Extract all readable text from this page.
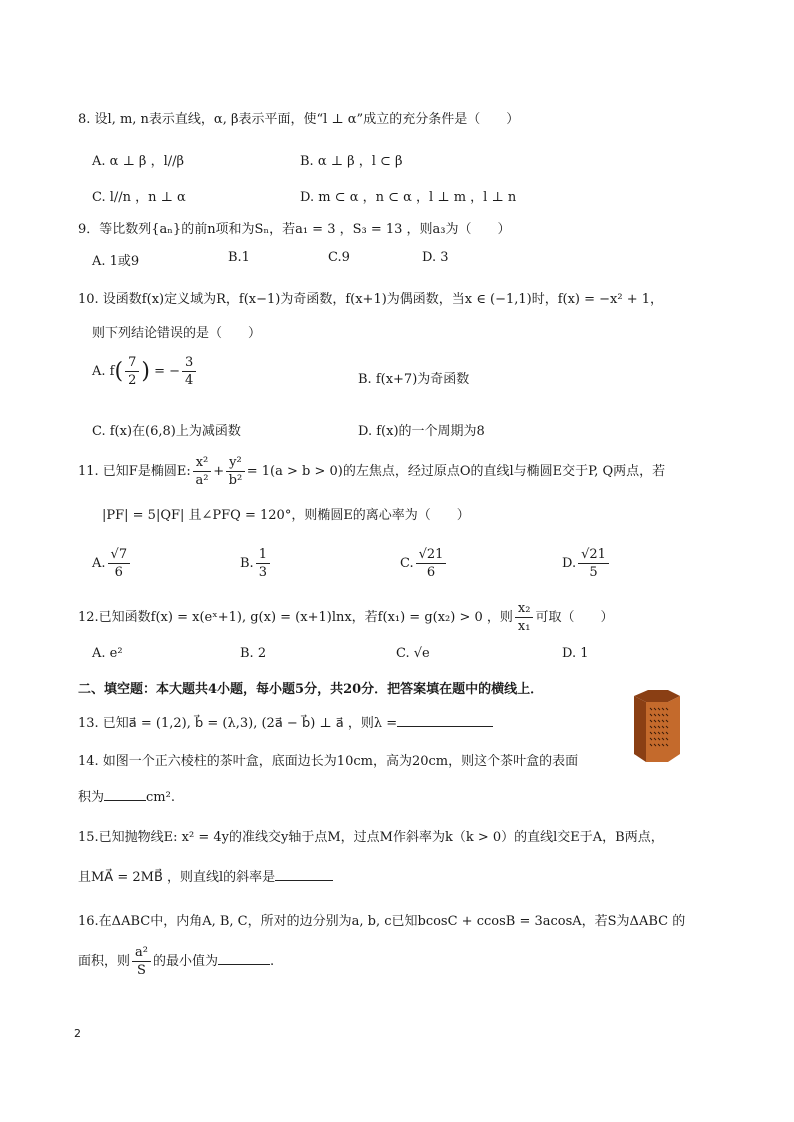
8. 设l, m, n表示直线，α, β表示平面，使“l ⊥ α”成立的充分条件是（　　）
A. α ⊥ β ，l//β	B. α ⊥ β ，l ⊂ β
C. l//n ，n ⊥ α	D. m ⊂ α ，n ⊂ α ，l ⊥ m ，l ⊥ n
9．等比数列{aₙ}的前n项和为Sₙ，若a₁ = 3 ，S₃ = 13 ，则a₃为（　　）
A. 1或9	B.1	C.9	D. 3
10. 设函数f(x)定义域为R，f(x−1)为奇函数，f(x+1)为偶函数，当x ∈ (−1,1)时，f(x) = −x² + 1，
则下列结论错误的是（　　）
A. $f( \frac{7}{2}$ ) = − $\frac{3}{4}$	B. f(x+7)为奇函数
C. f(x)在(6,8)上为减函数	D. f(x)的一个周期为8
11. 已知F是椭圆E: $\frac{\text{x²}}{\text{a²}} + \frac{\text{y²}}{\text{b²}} = 1(a > b > 0)$的左焦点，经过原点O的直线l与椭圆E交于P, Q两点，若
|PF| = 5|QF| 且∠PFQ = 120°，则椭圆E的离心率为（　　）
A. $\frac{√7}{6}$	B. $\frac{1}{3}$	C. $\frac{√21}{6}$	D. $\frac{√21}{5}$
12.已知函数f(x) = x(eˣ+1), g(x) = (x+1)lnx，若f(x₁) = g(x₂) > 0 ，则 $\frac{\text{x₂}}{\text{x₁}}$ 可取（　　）
A. e²	B. 2	C. √e	D. 1
二、填空题：本大题共4小题，每小题5分，共20分．把答案填在题中的横线上．
13. 已知a⃗ = (1,2), b⃗ = (λ,3), (2a⃗ − b⃗) ⊥ a⃗ ，则λ =
14. 如图一个正六棱柱的茶叶盒，底面边长为10cm，高为20cm，则这个茶叶盒的表面
积为	cm².
15.已知抛物线E: x² = 4y的准线交y轴于点M，过点M作斜率为k（k > 0）的直线l交E于A，B两点，
且MA⃗ = 2MB⃗ ，则直线l的斜率是
16.在ΔABC中，内角A, B, C，所对的边分别为a, b, c已知bcosC + ccosB = 3acosA，若S为ΔABC 的
面积，则 $\frac{\text{a²}}{S}$ 的最小值为	.
2
